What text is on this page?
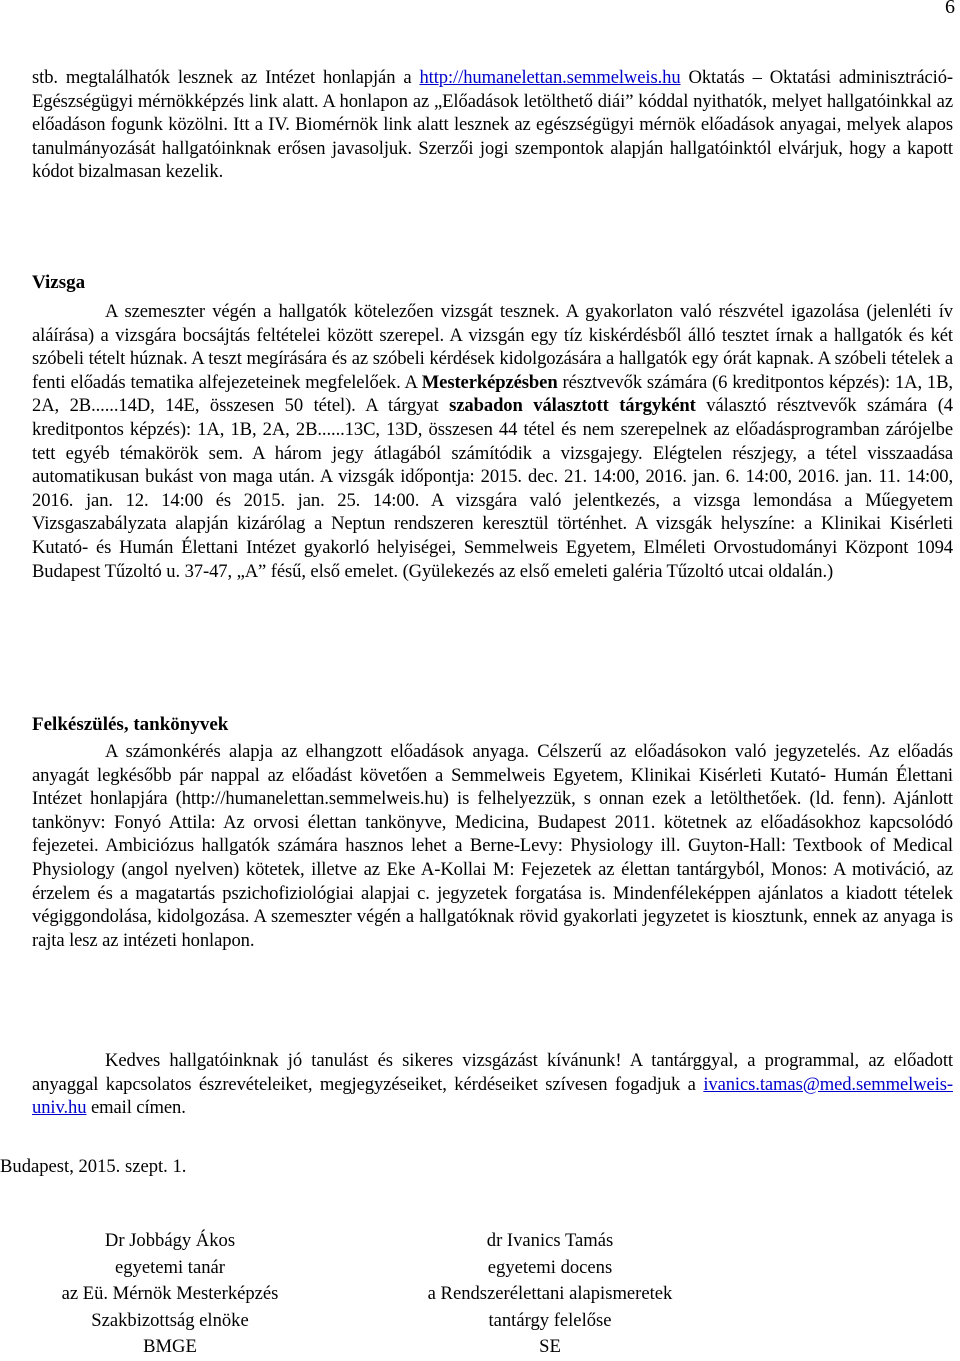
6
stb. megtalálhatók lesznek az Intézet honlapján a http://humanelettan.semmelweis.hu Oktatás – Oktatási adminisztráció-Egészségügyi mérnökképzés link alatt. A honlapon az „Előadások letölthető diái” kóddal nyithatók, melyet hallgatóinkkal az előadáson fogunk közölni. Itt a IV. Biomérnök link alatt lesznek az egészségügyi mérnök előadások anyagai, melyek alapos tanulmányozását hallgatóinknak erősen javasoljuk. Szerzői jogi szempontok alapján hallgatóinktól elvárjuk, hogy a kapott kódot bizalmasan kezelik.
Vizsga
A szemeszter végén a hallgatók kötelezően vizsgát tesznek. A gyakorlaton való részvétel igazolása (jelenléti ív aláírása) a vizsgára bocsájtás feltételei között szerepel. A vizsgán egy tíz kiskérdésből álló tesztet írnak a hallgatók és két szóbeli tételt húznak. A teszt megírására és az szóbeli kérdések kidolgozására a hallgatók egy órát kapnak. A szóbeli tételek a fenti előadás tematika alfejezeteinek megfelelőek. A Mesterképzésben résztvevők számára (6 kreditpontos képzés): 1A, 1B, 2A, 2B......14D, 14E, összesen 50 tétel). A tárgyat szabadon választott tárgyként választó résztvevők számára (4 kreditpontos képzés): 1A, 1B, 2A, 2B......13C, 13D, összesen 44 tétel és nem szerepelnek az előadásprogramban zárójelbe tett egyéb témakörök sem. A három jegy átlagából számítódik a vizsgajegy. Elégtelen részjegy, a tétel visszaadása automatikusan bukást von maga után. A vizsgák időpontja: 2015. dec. 21. 14:00, 2016. jan. 6. 14:00, 2016. jan. 11. 14:00, 2016. jan. 12. 14:00 és 2015. jan. 25. 14:00. A vizsgára való jelentkezés, a vizsga lemondása a Műegyetem Vizsgaszabályzata alapján kizárólag a Neptun rendszeren keresztül történhet. A vizsgák helyszíne: a Klinikai Kisérleti Kutató- és Humán Élettani Intézet gyakorló helyiségei, Semmelweis Egyetem, Elméleti Orvostudományi Központ 1094 Budapest Tűzoltó u. 37-47, „A” fésű, első emelet. (Gyülekezés az első emeleti galéria Tűzoltó utcai oldalán.)
Felkészülés, tankönyvek
A számonkérés alapja az elhangzott előadások anyaga. Célszerű az előadásokon való jegyzetelés. Az előadás anyagát legkésőbb pár nappal az előadást követően a Semmelweis Egyetem, Klinikai Kisérleti Kutató- Humán Élettani Intézet honlapjára (http://humanelettan.semmelweis.hu) is felhelyezzük, s onnan ezek a letölthetőek. (ld. fenn). Ajánlott tankönyv: Fonyó Attila: Az orvosi élettan tankönyve, Medicina, Budapest 2011. kötetnek az előadásokhoz kapcsolódó fejezetei. Ambiciózus hallgatók számára hasznos lehet a Berne-Levy: Physiology ill. Guyton-Hall: Textbook of Medical Physiology (angol nyelven) kötetek, illetve az Eke A-Kollai M: Fejezetek az élettan tantárgyból, Monos: A motiváció, az érzelem és a magatartás pszichofiziológiai alapjai c. jegyzetek forgatása is. Mindenféleképpen ajánlatos a kiadott tételek végiggondolása, kidolgozása. A szemeszter végén a hallgatóknak rövid gyakorlati jegyzetet is kiosztunk, ennek az anyaga is rajta lesz az intézeti honlapon.
Kedves hallgatóinknak jó tanulást és sikeres vizsgázást kívánunk! A tantárggyal, a programmal, az előadott anyaggal kapcsolatos észrevételeiket, megjegyzéseiket, kérdéseiket szívesen fogadjuk a ivanics.tamas@med.semmelweis-univ.hu email címen.
Budapest, 2015. szept. 1.
Dr Jobbágy Ákos
egyetemi tanár
az Eü. Mérnök Mesterképzés
Szakbizottság elnöke
BMGE
dr Ivanics Tamás
egyetemi docens
a Rendszerélettani alapismeretek
tantárgy felelőse
SE
